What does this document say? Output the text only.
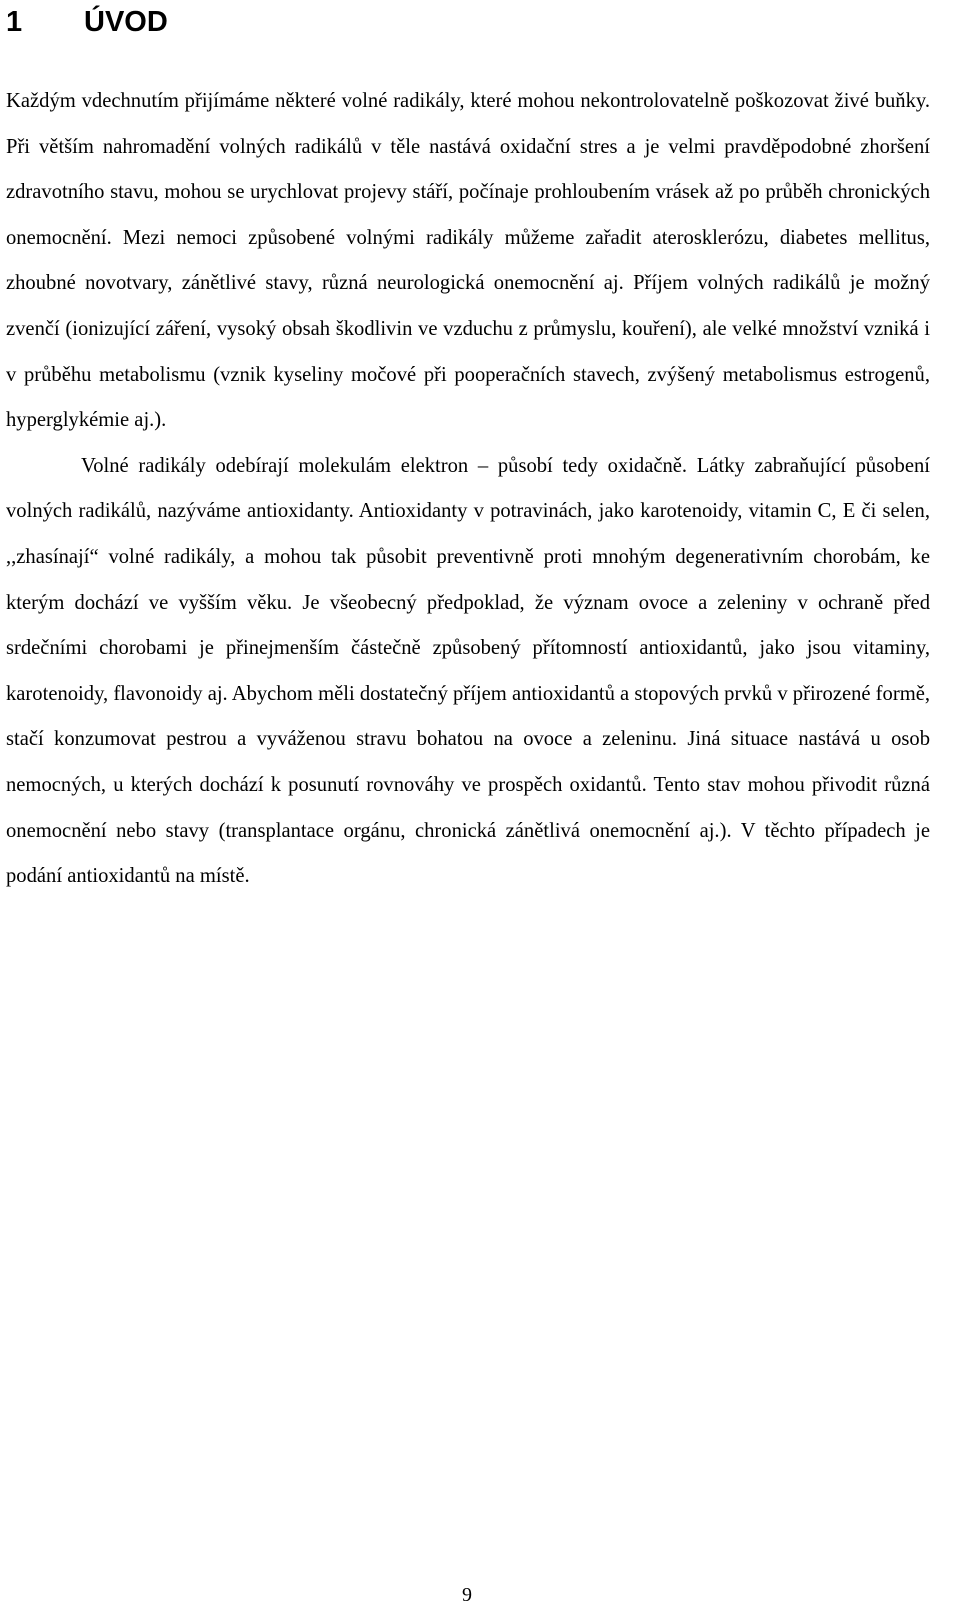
1 ÚVOD

Každým vdechnutím přijímáme některé volné radikály, které mohou nekontrolovatelně poškozovat živé buňky. Při větším nahromadění volných radikálů v těle nastává oxidační stres a je velmi pravděpodobné zhoršení zdravotního stavu, mohou se urychlovat projevy stáří, počínaje prohloubením vrásek až po průběh chronických onemocnění. Mezi nemoci způsobené volnými radikály můžeme zařadit aterosklerózu, diabetes mellitus, zhoubné novotvary, zánětlivé stavy, různá neurologická onemocnění aj. Příjem volných radikálů je možný zvenčí (ionizující záření, vysoký obsah škodlivin ve vzduchu z průmyslu, kouření), ale velké množství vzniká i v průběhu metabolismu (vznik kyseliny močové při pooperačních stavech, zvýšený metabolismus estrogenů, hyperglykémie aj.).

Volné radikály odebírají molekulám elektron – působí tedy oxidačně. Látky zabraňující působení volných radikálů, nazýváme antioxidanty. Antioxidanty v potravinách, jako karotenoidy, vitamin C, E či selen, ,,zhasínají“ volné radikály, a mohou tak působit preventivně proti mnohým degenerativním chorobám, ke kterým dochází ve vyšším věku. Je všeobecný předpoklad, že význam ovoce a zeleniny v ochraně před srdečními chorobami je přinejmenším částečně způsobený přítomností antioxidantů, jako jsou vitaminy, karotenoidy, flavonoidy aj. Abychom měli dostatečný příjem antioxidantů a stopových prvků v přirozené formě, stačí konzumovat pestrou a vyváženou stravu bohatou na ovoce a zeleninu. Jiná situace nastává u osob nemocných, u kterých dochází k posunutí rovnováhy ve prospěch oxidantů. Tento stav mohou přivodit různá onemocnění nebo stavy (transplantace orgánu, chronická zánětlivá onemocnění aj.). V těchto případech je podání antioxidantů na místě.

9
